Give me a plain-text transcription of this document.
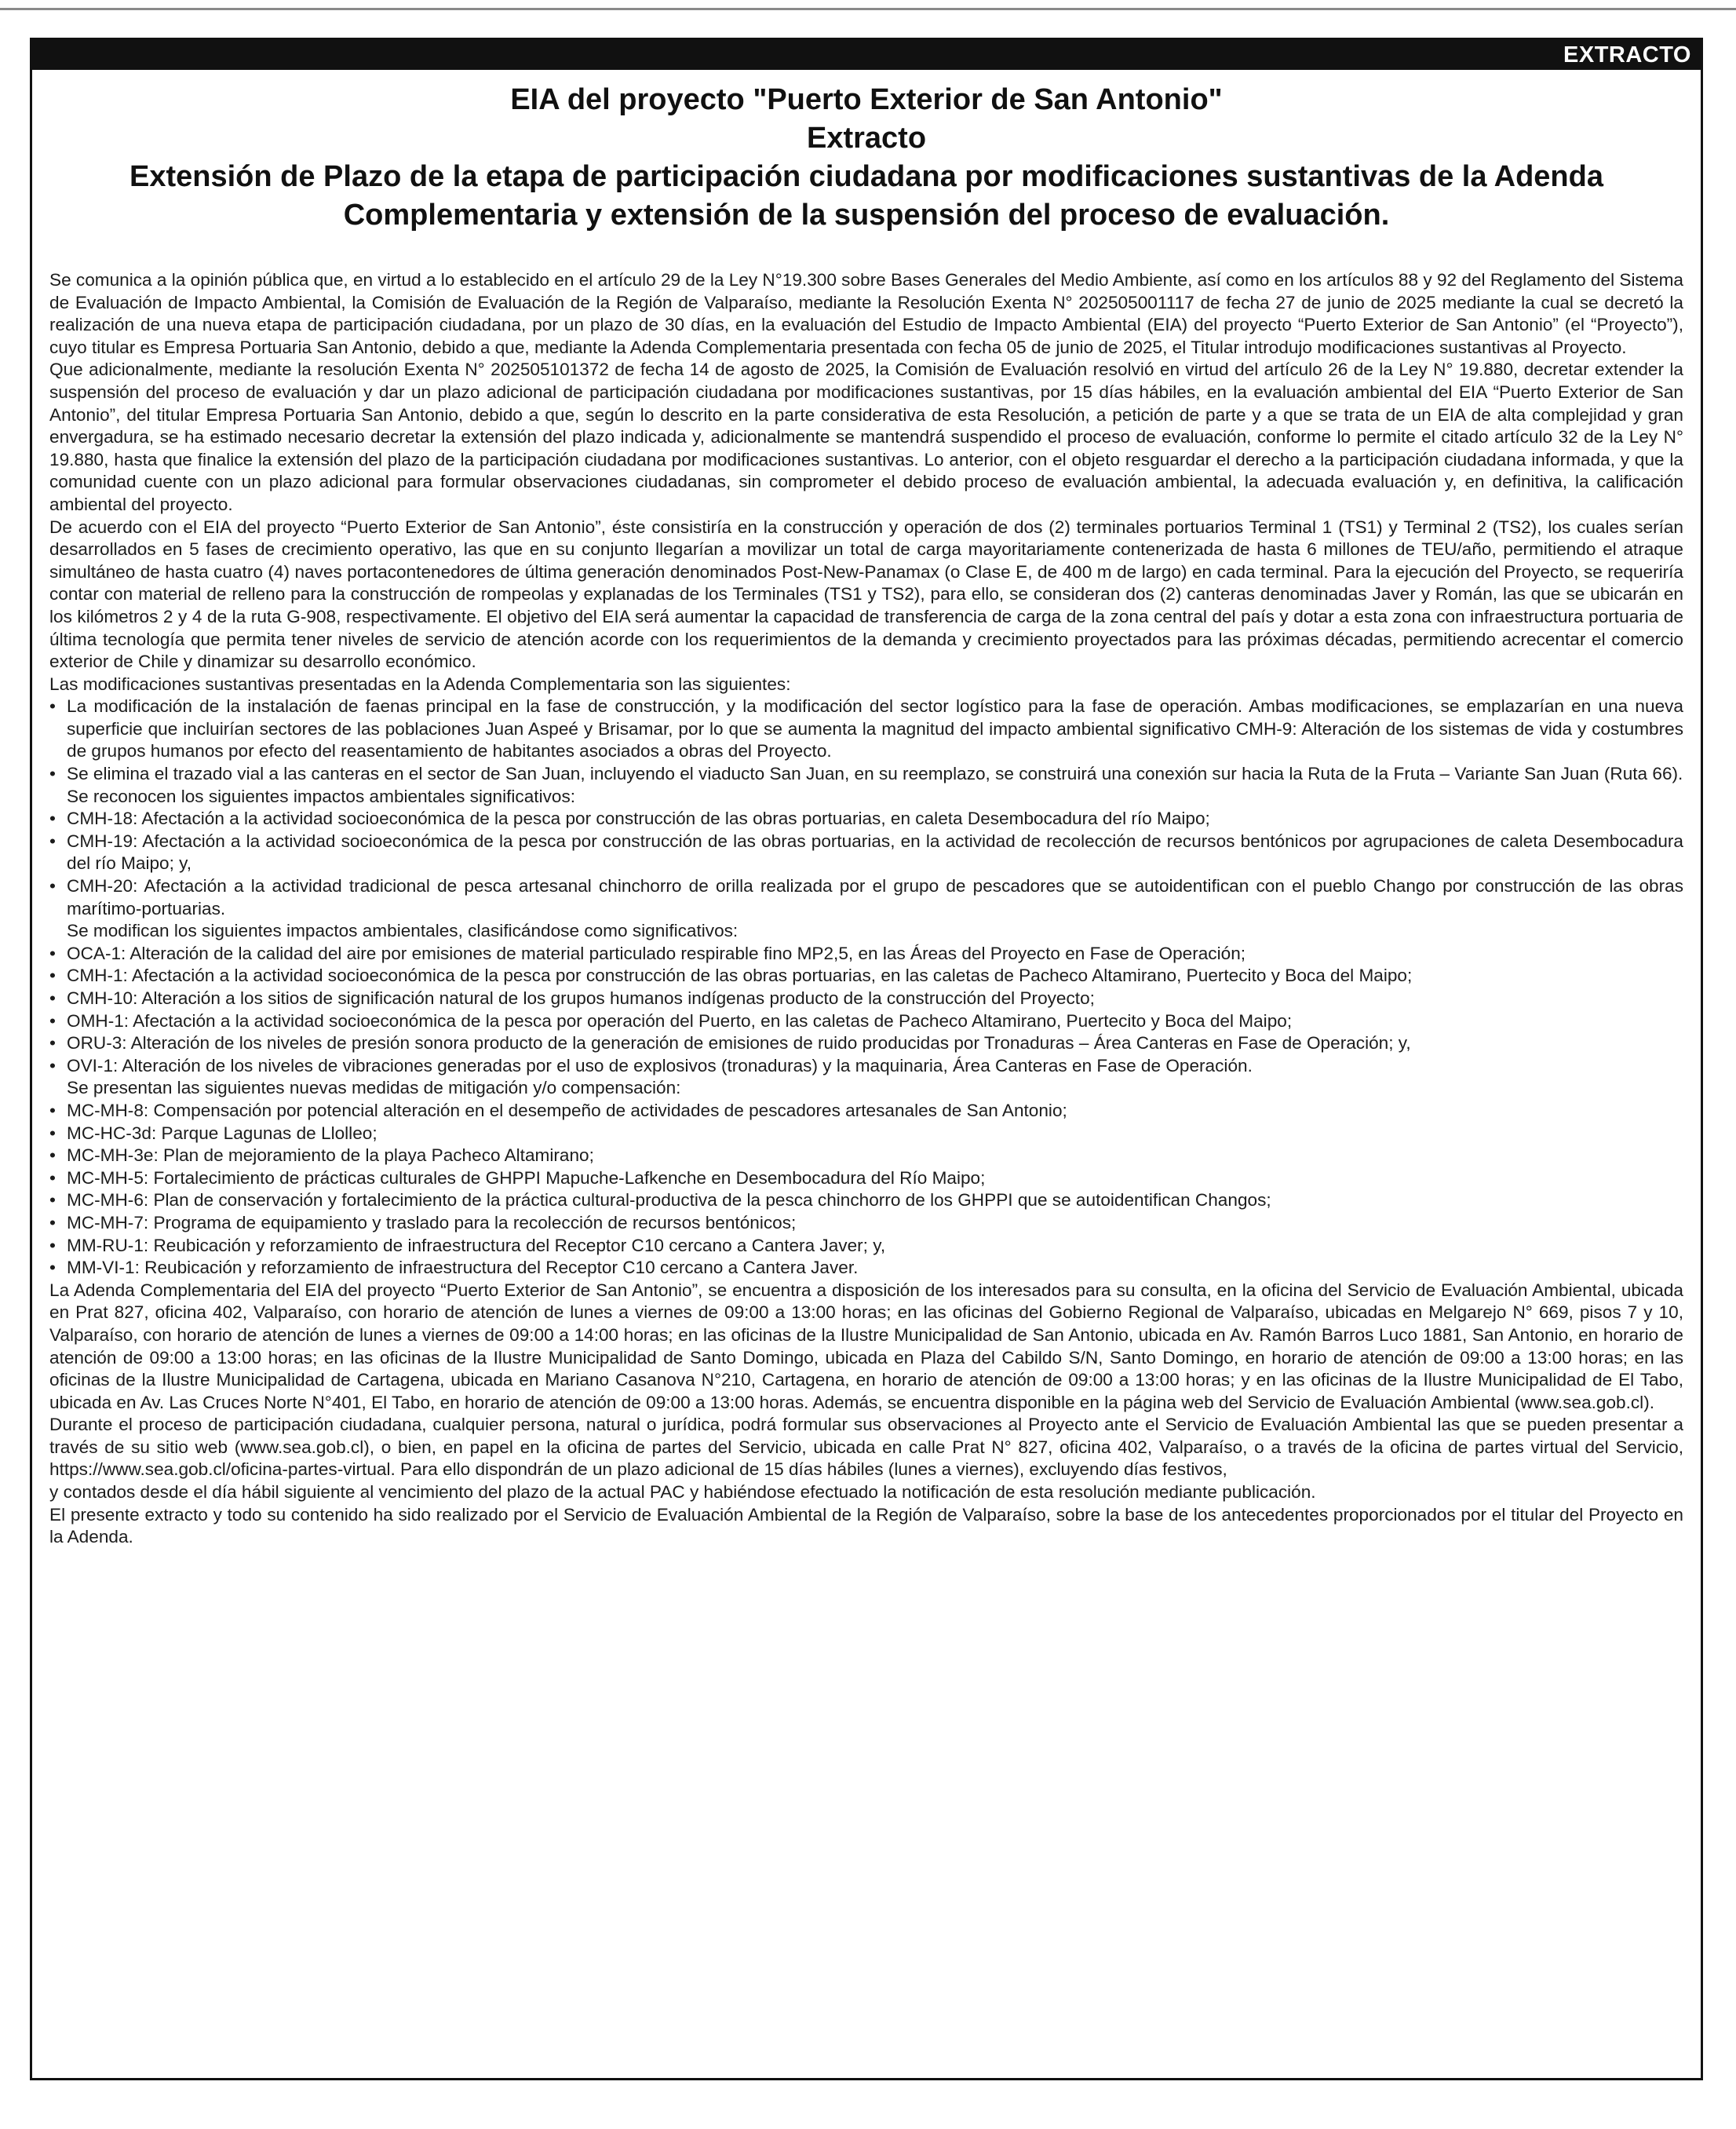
EXTRACTO
EIA del proyecto "Puerto Exterior de San Antonio"
Extracto
Extensión de Plazo de la etapa de participación ciudadana por modificaciones sustantivas de la Adenda Complementaria y extensión de la suspensión del proceso de evaluación.

Se comunica a la opinión pública que, en virtud a lo establecido en el artículo 29 de la Ley N°19.300 sobre Bases Generales del Medio Ambiente, así como en los artículos 88 y 92 del Reglamento del Sistema de Evaluación de Impacto Ambiental, la Comisión de Evaluación de la Región de Valparaíso, mediante la Resolución Exenta N° 202505001117 de fecha 27 de junio de 2025 mediante la cual se decretó la realización de una nueva etapa de participación ciudadana, por un plazo de 30 días, en la evaluación del Estudio de Impacto Ambiental (EIA) del proyecto “Puerto Exterior de San Antonio” (el “Proyecto”), cuyo titular es Empresa Portuaria San Antonio, debido a que, mediante la Adenda Complementaria presentada con fecha 05 de junio de 2025, el Titular introdujo modificaciones sustantivas al Proyecto.

Que adicionalmente, mediante la resolución Exenta N° 202505101372 de fecha 14 de agosto de 2025, la Comisión de Evaluación resolvió en virtud del artículo 26 de la Ley N° 19.880, decretar extender la suspensión del proceso de evaluación y dar un plazo adicional de participación ciudadana por modificaciones sustantivas, por 15 días hábiles, en la evaluación ambiental del EIA “Puerto Exterior de San Antonio”, del titular Empresa Portuaria San Antonio, debido a que, según lo descrito en la parte considerativa de esta Resolución, a petición de parte y a que se trata de un EIA de alta complejidad y gran envergadura, se ha estimado necesario decretar la extensión del plazo indicada y, adicionalmente se mantendrá suspendido el proceso de evaluación, conforme lo permite el citado artículo 32 de la Ley N° 19.880, hasta que finalice la extensión del plazo de la participación ciudadana por modificaciones sustantivas. Lo anterior, con el objeto resguardar el derecho a la participación ciudadana informada, y que la comunidad cuente con un plazo adicional para formular observaciones ciudadanas, sin comprometer el debido proceso de evaluación ambiental, la adecuada evaluación y, en definitiva, la calificación ambiental del proyecto.

De acuerdo con el EIA del proyecto “Puerto Exterior de San Antonio”, éste consistiría en la construcción y operación de dos (2) terminales portuarios Terminal 1 (TS1) y Terminal 2 (TS2), los cuales serían desarrollados en 5 fases de crecimiento operativo, las que en su conjunto llegarían a movilizar un total de carga mayoritariamente contenerizada de hasta 6 millones de TEU/año, permitiendo el atraque simultáneo de hasta cuatro (4) naves portacontenedores de última generación denominados Post-New-Panamax (o Clase E, de 400 m de largo) en cada terminal. Para la ejecución del Proyecto, se requeriría contar con material de relleno para la construcción de rompeolas y explanadas de los Terminales (TS1 y TS2), para ello, se consideran dos (2) canteras denominadas Javer y Román, las que se ubicarán en los kilómetros 2 y 4 de la ruta G-908, respectivamente. El objetivo del EIA será aumentar la capacidad de transferencia de carga de la zona central del país y dotar a esta zona con infraestructura portuaria de última tecnología que permita tener niveles de servicio de atención acorde con los requerimientos de la demanda y crecimiento proyectados para las próximas décadas, permitiendo acrecentar el comercio exterior de Chile y dinamizar su desarrollo económico.

Las modificaciones sustantivas presentadas en la Adenda Complementaria son las siguientes:

• La modificación de la instalación de faenas principal en la fase de construcción, y la modificación del sector logístico para la fase de operación. Ambas modificaciones, se emplazarían en una nueva superficie que incluirían sectores de las poblaciones Juan Aspeé y Brisamar, por lo que se aumenta la magnitud del impacto ambiental significativo CMH-9: Alteración de los sistemas de vida y costumbres de grupos humanos por efecto del reasentamiento de habitantes asociados a obras del Proyecto.

• Se elimina el trazado vial a las canteras en el sector de San Juan, incluyendo el viaducto San Juan, en su reemplazo, se construirá una conexión sur hacia la Ruta de la Fruta – Variante San Juan (Ruta 66).

Se reconocen los siguientes impactos ambientales significativos:

• CMH-18: Afectación a la actividad socioeconómica de la pesca por construcción de las obras portuarias, en caleta Desembocadura del río Maipo;

• CMH-19: Afectación a la actividad socioeconómica de la pesca por construcción de las obras portuarias, en la actividad de recolección de recursos bentónicos por agrupaciones de caleta Desembocadura del río Maipo; y,

• CMH-20: Afectación a la actividad tradicional de pesca artesanal chinchorro de orilla realizada por el grupo de pescadores que se autoidentifican con el pueblo Chango por construcción de las obras marítimo-portuarias.

Se modifican los siguientes impactos ambientales, clasificándose como significativos:

• OCA-1: Alteración de la calidad del aire por emisiones de material particulado respirable fino MP2,5, en las Áreas del Proyecto en Fase de Operación;

• CMH-1: Afectación a la actividad socioeconómica de la pesca por construcción de las obras portuarias, en las caletas de Pacheco Altamirano, Puertecito y Boca del Maipo;

• CMH-10: Alteración a los sitios de significación natural de los grupos humanos indígenas producto de la construcción del Proyecto;

• OMH-1: Afectación a la actividad socioeconómica de la pesca por operación del Puerto, en las caletas de Pacheco Altamirano, Puertecito y Boca del Maipo;

• ORU-3: Alteración de los niveles de presión sonora producto de la generación de emisiones de ruido producidas por Tronaduras – Área Canteras en Fase de Operación; y,

• OVI-1: Alteración de los niveles de vibraciones generadas por el uso de explosivos (tronaduras) y la maquinaria, Área Canteras en Fase de Operación.

Se presentan las siguientes nuevas medidas de mitigación y/o compensación:

• MC-MH-8: Compensación por potencial alteración en el desempeño de actividades de pescadores artesanales de San Antonio;

• MC-HC-3d: Parque Lagunas de Llolleo;

• MC-MH-3e: Plan de mejoramiento de la playa Pacheco Altamirano;

• MC-MH-5: Fortalecimiento de prácticas culturales de GHPPI Mapuche-Lafkenche en Desembocadura del Río Maipo;

• MC-MH-6: Plan de conservación y fortalecimiento de la práctica cultural-productiva de la pesca chinchorro de los GHPPI que se autoidentifican Changos;

• MC-MH-7: Programa de equipamiento y traslado para la recolección de recursos bentónicos;

• MM-RU-1: Reubicación y reforzamiento de infraestructura del Receptor C10 cercano a Cantera Javer; y,

• MM-VI-1: Reubicación y reforzamiento de infraestructura del Receptor C10 cercano a Cantera Javer.

La Adenda Complementaria del EIA del proyecto “Puerto Exterior de San Antonio”, se encuentra a disposición de los interesados para su consulta, en la oficina del Servicio de Evaluación Ambiental, ubicada en Prat 827, oficina 402, Valparaíso, con horario de atención de lunes a viernes de 09:00 a 13:00 horas; en las oficinas del Gobierno Regional de Valparaíso, ubicadas en Melgarejo N° 669, pisos 7 y 10, Valparaíso, con horario de atención de lunes a viernes de 09:00 a 14:00 horas; en las oficinas de la Ilustre Municipalidad de San Antonio, ubicada en Av. Ramón Barros Luco 1881, San Antonio, en horario de atención de 09:00 a 13:00 horas; en las oficinas de la Ilustre Municipalidad de Santo Domingo, ubicada en Plaza del Cabildo S/N, Santo Domingo, en horario de atención de 09:00 a 13:00 horas; en las oficinas de la Ilustre Municipalidad de Cartagena, ubicada en Mariano Casanova N°210, Cartagena, en horario de atención de 09:00 a 13:00 horas; y en las oficinas de la Ilustre Municipalidad de El Tabo, ubicada en Av. Las Cruces Norte N°401, El Tabo, en horario de atención de 09:00 a 13:00 horas. Además, se encuentra disponible en la página web del Servicio de Evaluación Ambiental (www.sea.gob.cl).

Durante el proceso de participación ciudadana, cualquier persona, natural o jurídica, podrá formular sus observaciones al Proyecto ante el Servicio de Evaluación Ambiental las que se pueden presentar a través de su sitio web (www.sea.gob.cl), o bien, en papel en la oficina de partes del Servicio, ubicada en calle Prat N° 827, oficina 402, Valparaíso, o a través de la oficina de partes virtual del Servicio, https://www.sea.gob.cl/oficina-partes-virtual. Para ello dispondrán de un plazo adicional de 15 días hábiles (lunes a viernes), excluyendo días festivos,

y contados desde el día hábil siguiente al vencimiento del plazo de la actual PAC y habiéndose efectuado la notificación de esta resolución mediante publicación.

El presente extracto y todo su contenido ha sido realizado por el Servicio de Evaluación Ambiental de la Región de Valparaíso, sobre la base de los antecedentes proporcionados por el titular del Proyecto en la Adenda.
